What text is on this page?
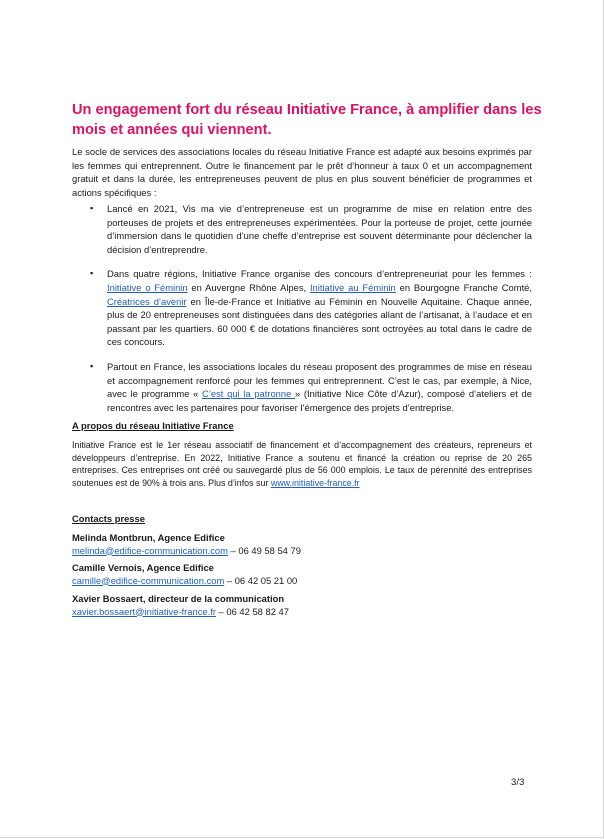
Un engagement fort du réseau Initiative France, à amplifier dans les mois et années qui viennent.

Le socle de services des associations locales du réseau Initiative France est adapté aux besoins exprimés par les femmes qui entreprennent. Outre le financement par le prêt d’honneur à taux 0 et un accompagnement gratuit et dans la durée, les entrepreneuses peuvent de plus en plus souvent bénéficier de programmes et actions spécifiques :

▪ Lancé en 2021, Vis ma vie d’entrepreneuse est un programme de mise en relation entre des porteuses de projets et des entrepreneuses expérimentées. Pour la porteuse de projet, cette journée d’immersion dans le quotidien d’une cheffe d’entreprise est souvent déterminante pour déclencher la décision d’entreprendre.
▪ Dans quatre régions, Initiative France organise des concours d’entrepreneuriat pour les femmes : Initiative o Féminin en Auvergne Rhône Alpes, Initiative au Féminin en Bourgogne Franche Comté, Créatrices d’avenir en Île-de-France et Initiative au Féminin en Nouvelle Aquitaine. Chaque année, plus de 20 entrepreneuses sont distinguées dans des catégories allant de l’artisanat, à l’audace et en passant par les quartiers. 60 000 € de dotations financières sont octroyées au total dans le cadre de ces concours.
▪ Partout en France, les associations locales du réseau proposent des programmes de mise en réseau et accompagnement renforcé pour les femmes qui entreprennent. C’est le cas, par exemple, à Nice, avec le programme « C’est qui la patronne » (Initiative Nice Côte d’Azur), composé d’ateliers et de rencontres avec les partenaires pour favoriser l’émergence des projets d’entreprise.

A propos du réseau Initiative France

Initiative France est le 1er réseau associatif de financement et d’accompagnement des créateurs, repreneurs et développeurs d’entreprise. En 2022, Initiative France a soutenu et financé la création ou reprise de 20 265 entreprises. Ces entreprises ont créé ou sauvegardé plus de 56 000 emplois. Le taux de pérennité des entreprises soutenues est de 90% à trois ans. Plus d’infos sur www.initiative-france.fr

Contacts presse

Melinda Montbrun, Agence Edifice
melinda@edifice-communication.com – 06 49 58 54 79
Camille Vernois, Agence Edifice
camille@edifice-communication.com – 06 42 05 21 00
Xavier Bossaert, directeur de la communication
xavier.bossaert@initiative-france.fr – 06 42 58 82 47
3/3
